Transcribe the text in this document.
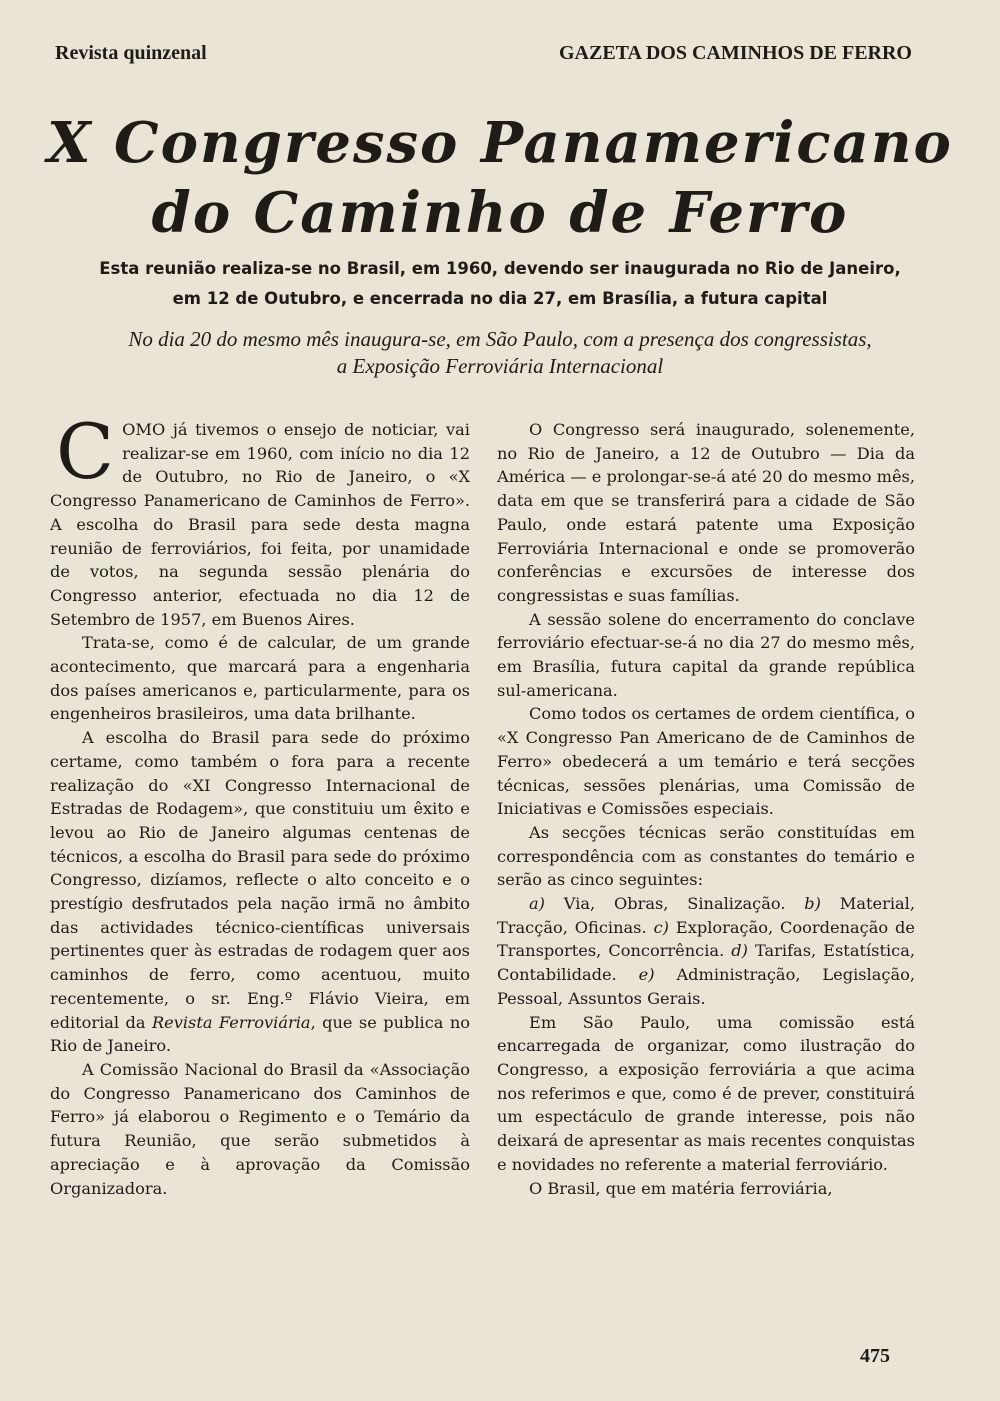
Revista quinzenal	GAZETA DOS CAMINHOS DE FERRO
X Congresso Panamericano
do Caminho de Ferro
Esta reunião realiza-se no Brasil, em 1960, devendo ser inaugurada no Rio de Janeiro,
em 12 de Outubro, e encerrada no dia 27, em Brasília, a futura capital
No dia 20 do mesmo mês inaugura-se, em São Paulo, com a presença dos congressistas,
a Exposição Ferroviária Internacional

COMO já tivemos o ensejo de noticiar, vai realizar-se em 1960, com início no dia 12 de Outubro, no Rio de Janeiro, o «X Congresso Panamericano de Caminhos de Ferro». A escolha do Brasil para sede desta magna reunião de ferroviários, foi feita, por unamidade de votos, na segunda sessão plenária do Congresso anterior, efectuada no dia 12 de Setembro de 1957, em Buenos Aires.

Trata-se, como é de calcular, de um grande acontecimento, que marcará para a engenharia dos países americanos e, particularmente, para os engenheiros brasileiros, uma data brilhante.

A escolha do Brasil para sede do próximo certame, como também o fora para a recente realização do «XI Congresso Internacional de Estradas de Rodagem», que constituiu um êxito e levou ao Rio de Janeiro algumas centenas de técnicos, a escolha do Brasil para sede do próximo Congresso, dizíamos, reflecte o alto conceito e o prestígio desfrutados pela nação irmã no âmbito das actividades técnico-científicas universais pertinentes quer às estradas de rodagem quer aos caminhos de ferro, como acentuou, muito recentemente, o sr. Eng.º Flávio Vieira, em editorial da Revista Ferroviária, que se publica no Rio de Janeiro.

A Comissão Nacional do Brasil da «Associação do Congresso Panamericano dos Caminhos de Ferro» já elaborou o Regimento e o Temário da futura Reunião, que serão submetidos à apreciação e à aprovação da Comissão Organizadora.

O Congresso será inaugurado, solenemente, no Rio de Janeiro, a 12 de Outubro — Dia da América — e prolongar-se-á até 20 do mesmo mês, data em que se transferirá para a cidade de São Paulo, onde estará patente uma Exposição Ferroviária Internacional e onde se promoverão conferências e excursões de interesse dos congressistas e suas famílias.

A sessão solene do encerramento do conclave ferroviário efectuar-se-á no dia 27 do mesmo mês, em Brasília, futura capital da grande república sul-americana.

Como todos os certames de ordem científica, o «X Congresso Pan Americano de de Caminhos de Ferro» obedecerá a um temário e terá secções técnicas, sessões plenárias, uma Comissão de Iniciativas e Comissões especiais.

As secções técnicas serão constituídas em correspondência com as constantes do temário e serão as cinco seguintes:

a) Via, Obras, Sinalização. b) Material, Tracção, Oficinas. c) Exploração, Coordenação de Transportes, Concorrência. d) Tarifas, Estatística, Contabilidade. e) Administração, Legislação, Pessoal, Assuntos Gerais.

Em São Paulo, uma comissão está encarregada de organizar, como ilustração do Congresso, a exposição ferroviária a que acima nos referimos e que, como é de prever, constituirá um espectáculo de grande interesse, pois não deixará de apresentar as mais recentes conquistas e novidades no referente a material ferroviário.

O Brasil, que em matéria ferroviária,

475
